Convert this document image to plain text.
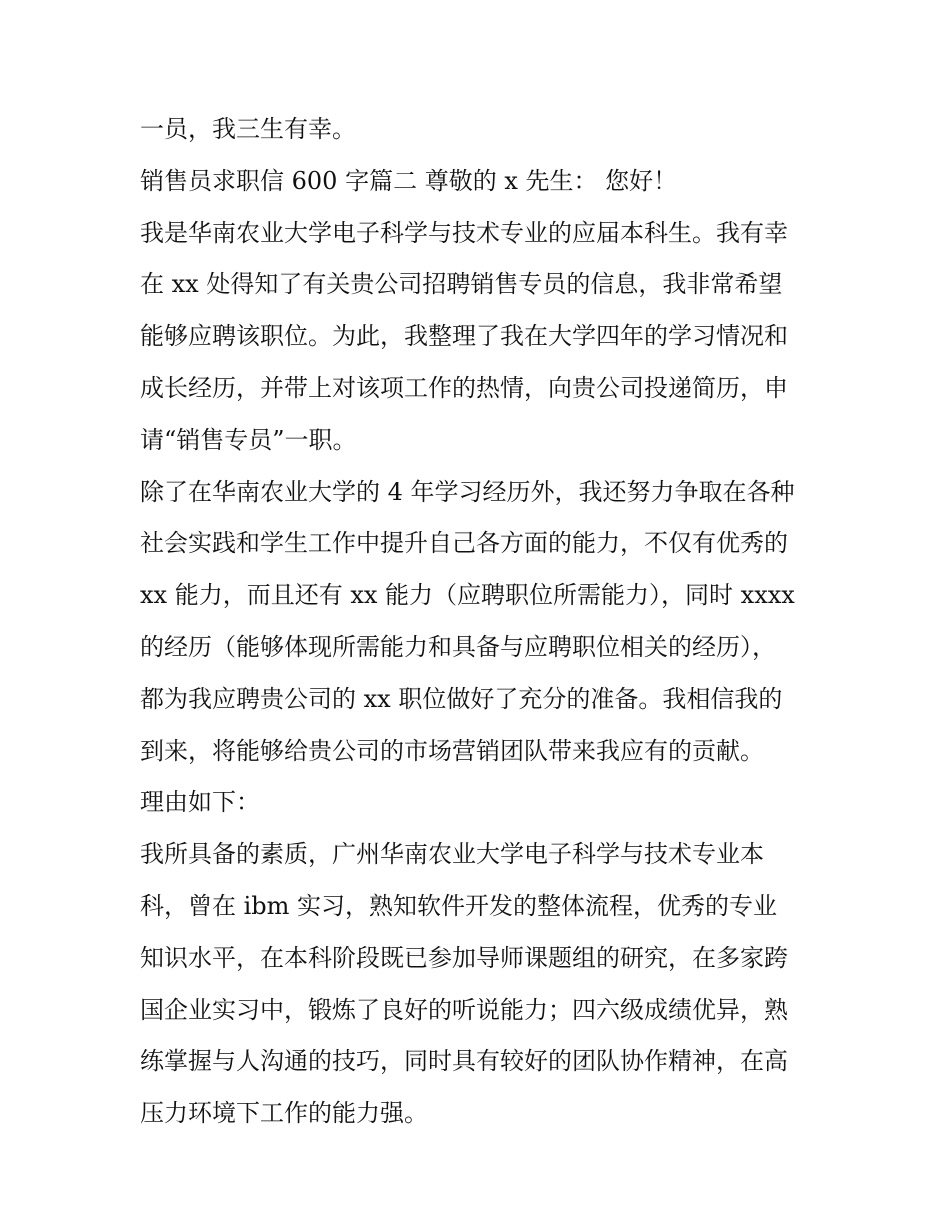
一员，我三生有幸。
销售员求职信 600 字篇二 尊敬的 x 先生： 您好！
我是华南农业大学电子科学与技术专业的应届本科生。我有幸
在 xx 处得知了有关贵公司招聘销售专员的信息，我非常希望
能够应聘该职位。为此，我整理了我在大学四年的学习情况和
成长经历，并带上对该项工作的热情，向贵公司投递简历，申
请“销售专员”一职。
除了在华南农业大学的 4 年学习经历外，我还努力争取在各种
社会实践和学生工作中提升自己各方面的能力，不仅有优秀的
xx 能力，而且还有 xx 能力（应聘职位所需能力），同时 xxxx
的经历（能够体现所需能力和具备与应聘职位相关的经历），
都为我应聘贵公司的 xx 职位做好了充分的准备。我相信我的
到来，将能够给贵公司的市场营销团队带来我应有的贡献。
理由如下：
我所具备的素质，广州华南农业大学电子科学与技术专业本
科，曾在 ibm 实习，熟知软件开发的整体流程，优秀的专业
知识水平，在本科阶段既已参加导师课题组的研究，在多家跨
国企业实习中，锻炼了良好的听说能力；四六级成绩优异，熟
练掌握与人沟通的技巧，同时具有较好的团队协作精神，在高
压力环境下工作的能力强。
